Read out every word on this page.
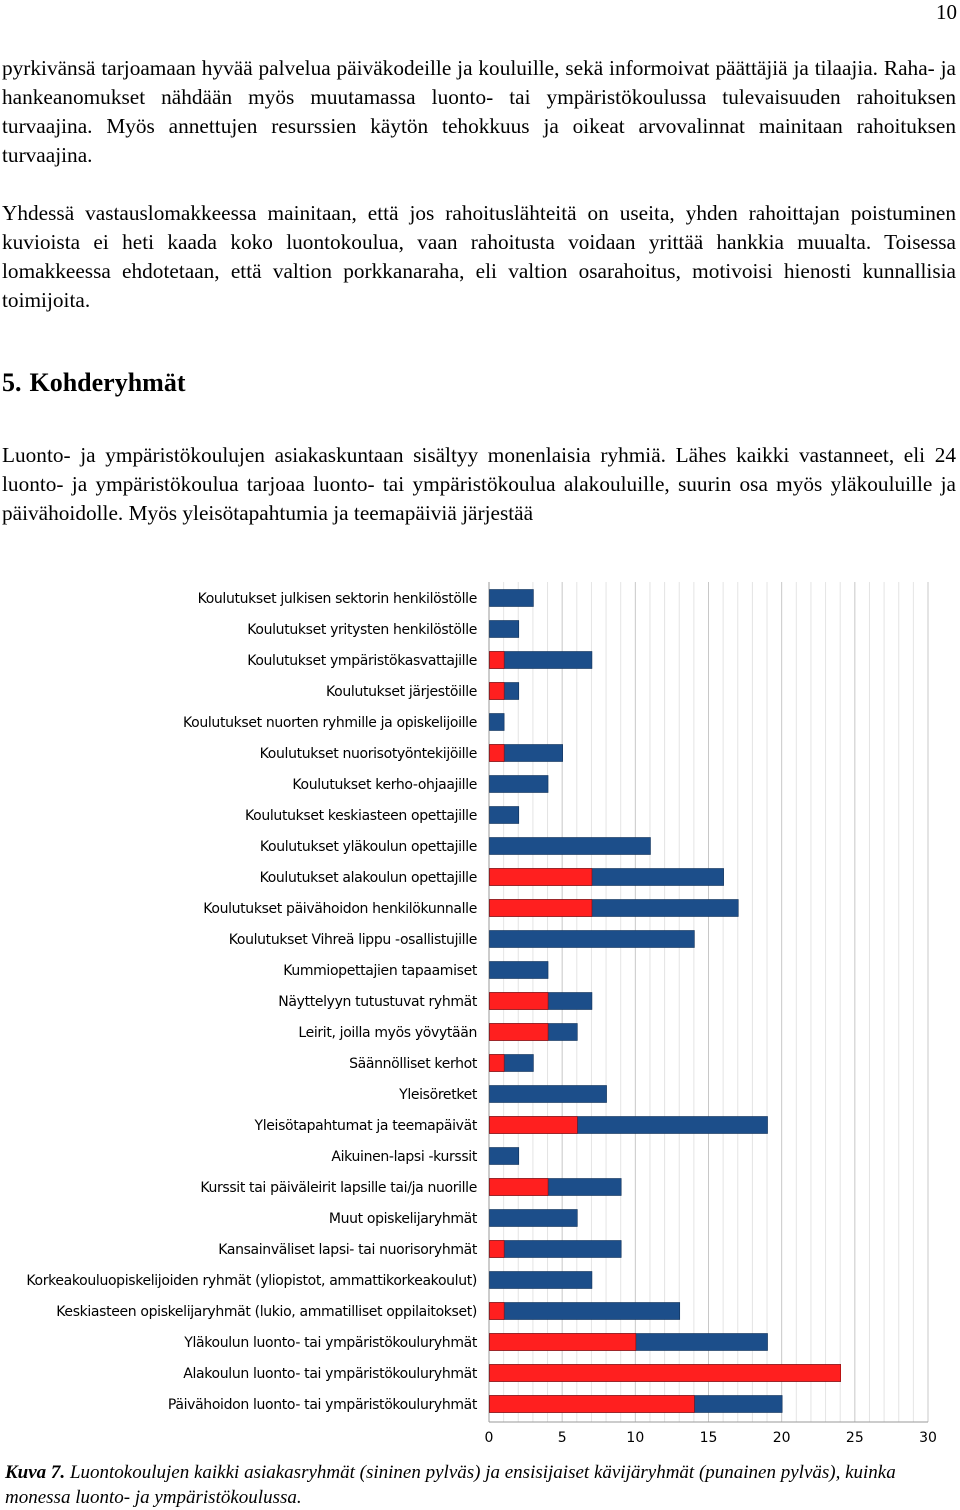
10

pyrkivänsä tarjoamaan hyvää palvelua päiväkodeille ja kouluille, sekä informoivat päättäjiä ja tilaajia. Raha- ja hankeanomukset nähdään myös muutamassa luonto- tai ympäristökoulussa tulevaisuuden rahoituksen turvaajina. Myös annettujen resurssien käytön tehokkuus ja oikeat arvovalinnat mainitaan rahoituksen turvaajina.

Yhdessä vastauslomakkeessa mainitaan, että jos rahoituslähteitä on useita, yhden rahoittajan poistuminen kuvioista ei heti kaada koko luontokoulua, vaan rahoitusta voidaan yrittää hankkia muualta. Toisessa lomakkeessa ehdotetaan, että valtion porkkanaraha, eli valtion osarahoitus, motivoisi hienosti kunnallisia toimijoita.

5. Kohderyhmät

Luonto- ja ympäristökoulujen asiakaskuntaan sisältyy monenlaisia ryhmiä. Lähes kaikki vastanneet, eli 24 luonto- ja ympäristökoulua tarjoaa luonto- tai ympäristökoulua alakouluille, suurin osa myös yläkouluille ja päivähoidolle. Myös yleisötapahtumia ja teemapäiviä järjestää

Koulutukset julkisen sektorin henkilöstölle
Koulutukset yritysten henkilöstölle
Koulutukset ympäristökasvattajille
Koulutukset järjestöille
Koulutukset nuorten ryhmille ja opiskelijoille
Koulutukset nuorisotyöntekijöille
Koulutukset kerho-ohjaajille
Koulutukset keskiasteen opettajille
Koulutukset yläkoulun opettajille
Koulutukset alakoulun opettajille
Koulutukset päivähoidon henkilökunnalle
Koulutukset Vihreä lippu -osallistujille
Kummiopettajien tapaamiset
Näyttelyyn tutustuvat ryhmät
Leirit, joilla myös yövytään
Säännölliset kerhot
Yleisöretket
Yleisötapahtumat ja teemapäivät
Aikuinen-lapsi -kurssit
Kurssit tai päiväleirit lapsille tai/ja nuorille
Muut opiskelijaryhmät
Kansainväliset lapsi- tai nuorisoryhmät
Korkeakouluopiskelijoiden ryhmät (yliopistot, ammattikorkeakoulut)
Keskiasteen opiskelijaryhmät (lukio, ammatilliset oppilaitokset)
Yläkoulun luonto- tai ympäristökouluryhmät
Alakoulun luonto- tai ympäristökouluryhmät
Päivähoidon luonto- tai ympäristökouluryhmät
0	5	10	15	20	25	30

Kuva 7. Luontokoulujen kaikki asiakasryhmät (sininen pylväs) ja ensisijaiset kävijäryhmät (punainen pylväs), kuinka monessa luonto- ja ympäristökoulussa.
